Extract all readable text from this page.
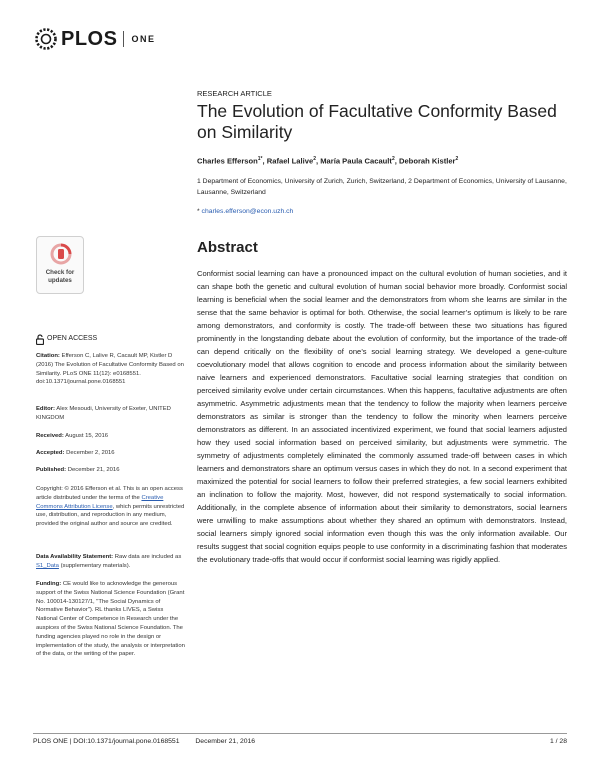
PLOS ONE
RESEARCH ARTICLE
The Evolution of Facultative Conformity Based on Similarity
Charles Efferson$^{1*}$, Rafael Lalive$^2$, María Paula Cacault$^2$, Deborah Kistler$^2$
1 Department of Economics, University of Zurich, Zurich, Switzerland, 2 Department of Economics, University of Lausanne, Lausanne, Switzerland
* charles.efferson@econ.uzh.ch
Abstract

Conformist social learning can have a pronounced impact on the cultural evolution of human societies, and it can shape both the genetic and cultural evolution of human social behavior more broadly. Conformist social learning is beneficial when the social learner and the demonstrators from whom she learns are similar in the sense that the same behavior is optimal for both. Otherwise, the social learner’s optimum is likely to be rare among demonstrators, and conformity is costly. The trade-off between these two situations has figured prominently in the longstanding debate about the evolution of conformity, but the importance of the trade-off can depend critically on the flexibility of one’s social learning strategy. We developed a gene-culture coevolutionary model that allows cognition to encode and process information about the similarity between naive learners and experienced demonstrators. Facultative social learning strategies that condition on perceived similarity evolve under certain circumstances. When this happens, facultative adjustments are often asymmetric. Asymmetric adjustments mean that the tendency to follow the majority when learners perceive demonstrators as similar is stronger than the tendency to follow the minority when learners perceive demonstrators as different. In an associated incentivized experiment, we found that social learners adjusted how they used social information based on perceived similarity, but adjustments were symmetric. The symmetry of adjustments completely eliminated the commonly assumed trade-off between cases in which learners and demonstrators share an optimum versus cases in which they do not. In a second experiment that maximized the potential for social learners to follow their preferred strategies, a few social learners exhibited an inclination to follow the majority. Most, however, did not respond systematically to social information. Additionally, in the complete absence of information about their similarity to demonstrators, social learners were unwilling to make assumptions about whether they shared an optimum with demonstrators. Instead, social learners simply ignored social information even though this was the only information available. Our results suggest that social cognition equips people to use conformity in a discriminating fashion that moderates the evolutionary trade-offs that would occur if conformist social learning was rigidly applied.

Check for
updates
OPEN ACCESS
Citation: Efferson C, Lalive R, Cacault MP, Kistler D (2016) The Evolution of Facultative Conformity Based on Similarity. PLoS ONE 11(12): e0168551. doi:10.1371/journal.pone.0168551
Editor: Alex Mesoudi, University of Exeter, UNITED KINGDOM
Received: August 15, 2016
Accepted: December 2, 2016
Published: December 21, 2016
Copyright: © 2016 Efferson et al. This is an open access article distributed under the terms of the Creative Commons Attribution License, which permits unrestricted use, distribution, and reproduction in any medium, provided the original author and source are credited.
Data Availability Statement: Raw data are included as S1_Data (supplementary materials).
Funding: CE would like to acknowledge the generous support of the Swiss National Science Foundation (Grant No. 100014-130127/1, "The Social Dynamics of Normative Behavior"). RL thanks LIVES, a Swiss National Center of Competence in Research under the auspices of the Swiss National Science Foundation. The funding agencies played no role in the design or implementation of the study, the analysis or interpretation of the data, or the writing of the paper.
PLOS ONE | DOI:10.1371/journal.pone.0168551 December 21, 2016	1 / 28
